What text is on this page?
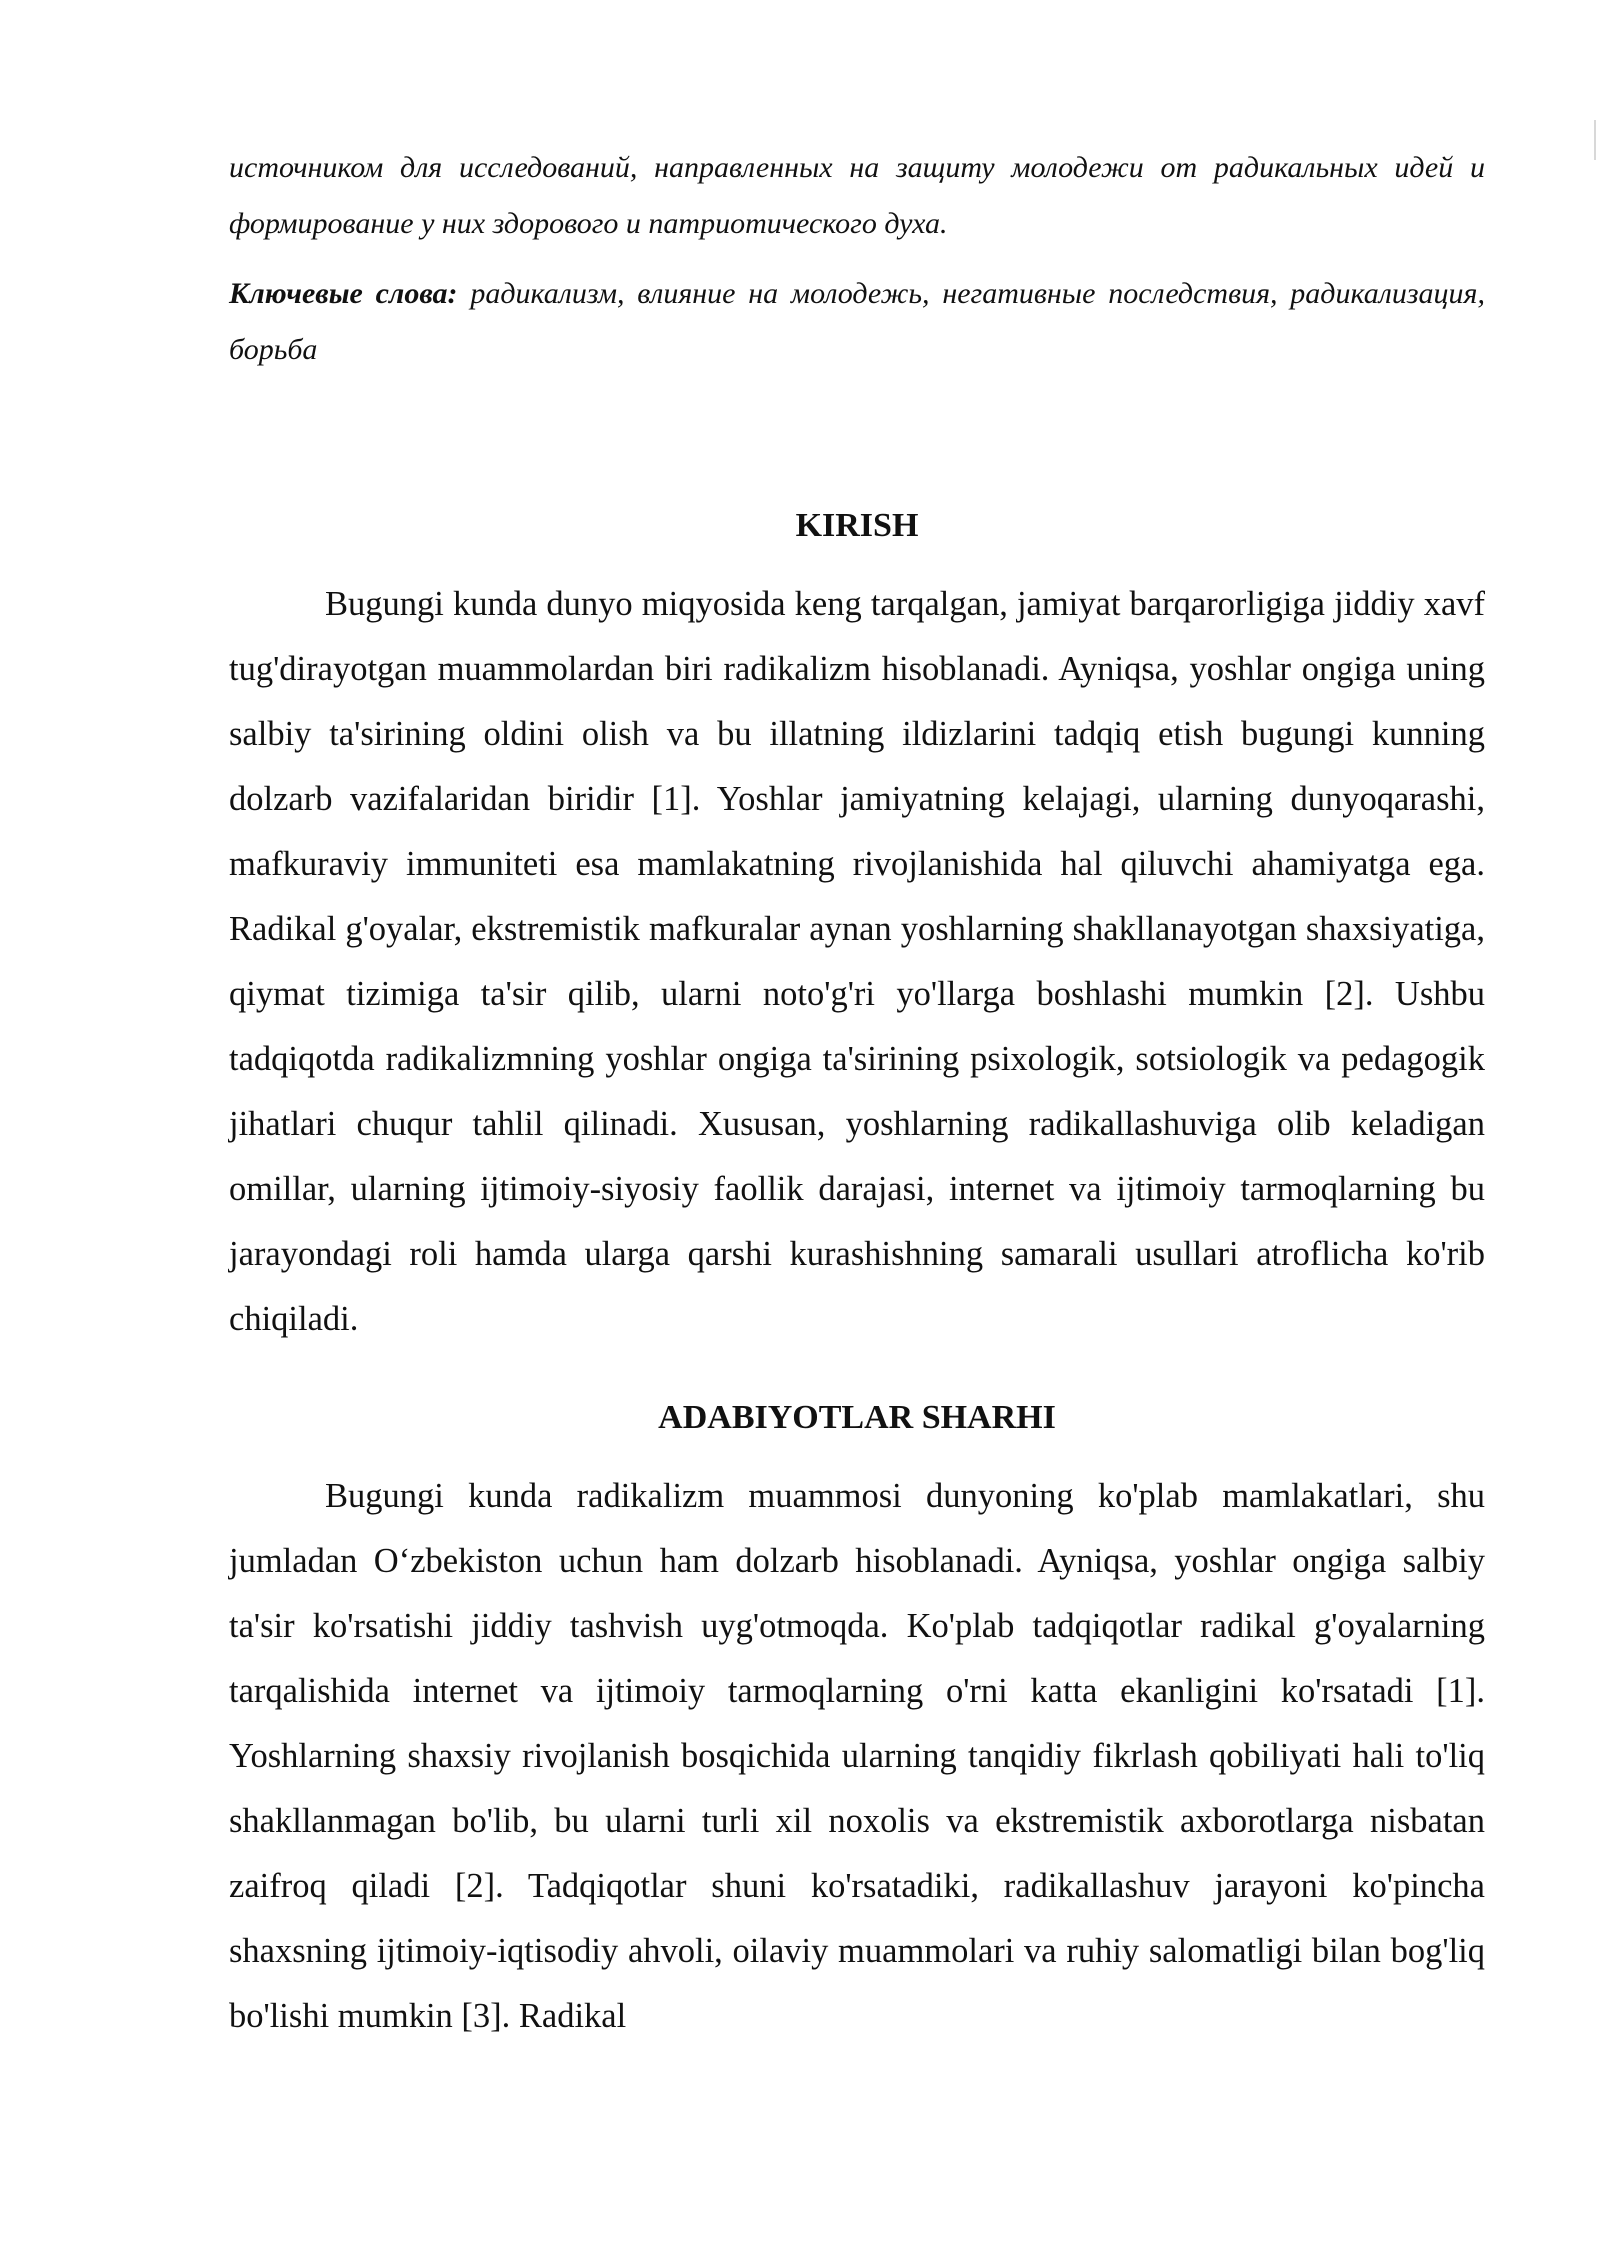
источником для исследований, направленных на защиту молодежи от радикальных идей и формирование у них здорового и патриотического духа.

Ключевые слова: радикализм, влияние на молодежь, негативные последствия, радикализация, борьба

KIRISH

Bugungi kunda dunyo miqyosida keng tarqalgan, jamiyat barqarorligiga jiddiy xavf tug'dirayotgan muammolardan biri radikalizm hisoblanadi. Ayniqsa, yoshlar ongiga uning salbiy ta'sirining oldini olish va bu illatning ildizlarini tadqiq etish bugungi kunning dolzarb vazifalaridan biridir [1]. Yoshlar jamiyatning kelajagi, ularning dunyoqarashi, mafkuraviy immuniteti esa mamlakatning rivojlanishida hal qiluvchi ahamiyatga ega. Radikal g'oyalar, ekstremistik mafkuralar aynan yoshlarning shakllanayotgan shaxsiyatiga, qiymat tizimiga ta'sir qilib, ularni noto'g'ri yo'llarga boshlashi mumkin [2]. Ushbu tadqiqotda radikalizmning yoshlar ongiga ta'sirining psixologik, sotsiologik va pedagogik jihatlari chuqur tahlil qilinadi. Xususan, yoshlarning radikallashuviga olib keladigan omillar, ularning ijtimoiy-siyosiy faollik darajasi, internet va ijtimoiy tarmoqlarning bu jarayondagi roli hamda ularga qarshi kurashishning samarali usullari atroflicha ko'rib chiqiladi.

ADABIYOTLAR SHARHI

Bugungi kunda radikalizm muammosi dunyoning ko'plab mamlakatlari, shu jumladan O‘zbekiston uchun ham dolzarb hisoblanadi. Ayniqsa, yoshlar ongiga salbiy ta'sir ko'rsatishi jiddiy tashvish uyg'otmoqda. Ko'plab tadqiqotlar radikal g'oyalarning tarqalishida internet va ijtimoiy tarmoqlarning o'rni katta ekanligini ko'rsatadi [1]. Yoshlarning shaxsiy rivojlanish bosqichida ularning tanqidiy fikrlash qobiliyati hali to'liq shakllanmagan bo'lib, bu ularni turli xil noxolis va ekstremistik axborotlarga nisbatan zaifroq qiladi [2]. Tadqiqotlar shuni ko'rsatadiki, radikallashuv jarayoni ko'pincha shaxsning ijtimoiy-iqtisodiy ahvoli, oilaviy muammolari va ruhiy salomatligi bilan bog'liq bo'lishi mumkin [3]. Radikal
